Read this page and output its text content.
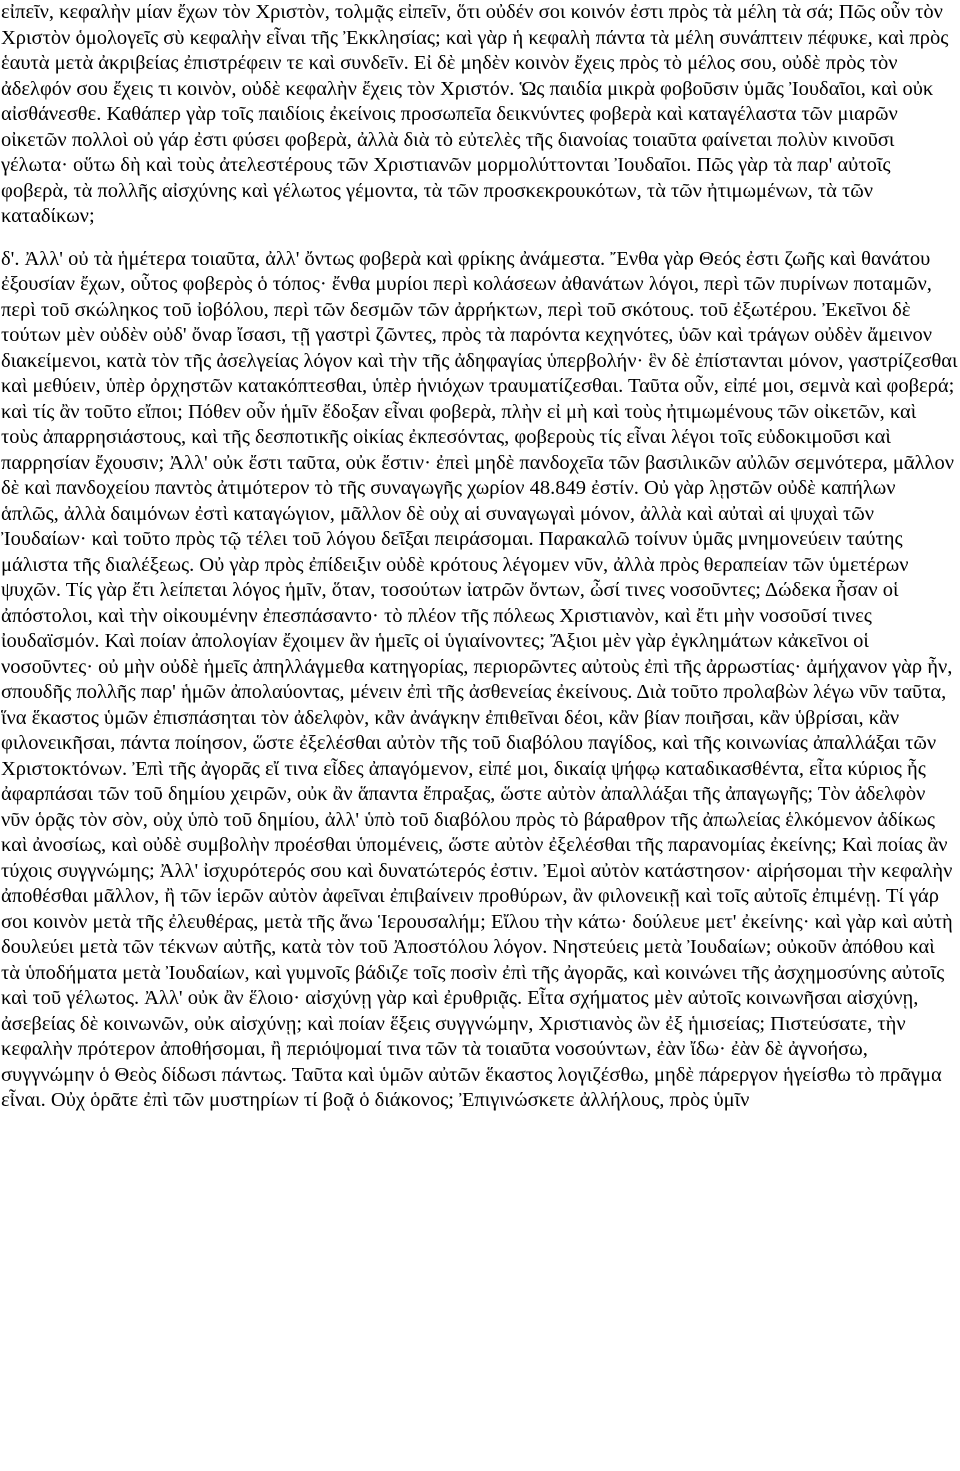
εἰπεῖν, κεφαλὴν μίαν ἔχων τὸν Χριστὸν, τολμᾷς εἰπεῖν, ὅτι οὐδέν σοι κοινόν ἐστι πρὸς τὰ μέλη τὰ σά; Πῶς οὖν τὸν Χριστὸν ὁμολογεῖς σὺ κεφαλὴν εἶναι τῆς Ἐκκλησίας; καὶ γὰρ ἡ κεφαλὴ πάντα τὰ μέλη συνάπτειν πέφυκε, καὶ πρὸς ἑαυτὰ μετὰ ἀκριβείας ἐπιστρέφειν τε καὶ συνδεῖν. Εἰ δὲ μηδὲν κοινὸν ἔχεις πρὸς τὸ μέλος σου, οὐδὲ πρὸς τὸν ἀδελφόν σου ἔχεις τι κοινὸν, οὐδὲ κεφαλὴν ἔχεις τὸν Χριστόν. Ὡς παιδία μικρὰ φοβοῦσιν ὑμᾶς Ἰουδαῖοι, καὶ οὐκ αἰσθάνεσθε. Καθάπερ γὰρ τοῖς παιδίοις ἐκείνοις προσωπεῖα δεικνύντες φοβερὰ καὶ καταγέλαστα τῶν μιαρῶν οἰκετῶν πολλοὶ οὐ γάρ ἐστι φύσει φοβερὰ, ἀλλὰ διὰ τὸ εὐτελὲς τῆς διανοίας τοιαῦτα φαίνεται πολὺν κινοῦσι γέλωτα· οὕτω δὴ καὶ τοὺς ἀτελεστέρους τῶν Χριστιανῶν μορμολύττονται Ἰουδαῖοι. Πῶς γὰρ τὰ παρ' αὐτοῖς φοβερὰ, τὰ πολλῆς αἰσχύνης καὶ γέλωτος γέμοντα, τὰ τῶν προσκεκρουκότων, τὰ τῶν ἠτιμωμένων, τὰ τῶν καταδίκων;

δ'. Ἀλλ' οὐ τὰ ἡμέτερα τοιαῦτα, ἀλλ' ὄντως φοβερὰ καὶ φρίκης ἀνάμεστα. Ἔνθα γὰρ Θεός ἐστι ζωῆς καὶ θανάτου ἐξουσίαν ἔχων, οὗτος φοβερὸς ὁ τόπος· ἔνθα μυρίοι περὶ κολάσεων ἀθανάτων λόγοι, περὶ τῶν πυρίνων ποταμῶν, περὶ τοῦ σκώληκος τοῦ ἰοβόλου, περὶ τῶν δεσμῶν τῶν ἀρρήκτων, περὶ τοῦ σκότους. τοῦ ἐξωτέρου. Ἐκεῖνοι δὲ τούτων μὲν οὐδὲν οὐδ' ὄναρ ἴσασι, τῇ γαστρὶ ζῶντες, πρὸς τὰ παρόντα κεχηνότες, ὑῶν καὶ τράγων οὐδὲν ἄμεινον διακείμενοι, κατὰ τὸν τῆς ἀσελγείας λόγον καὶ τὴν τῆς ἀδηφαγίας ὑπερβολήν· ἓν δὲ ἐπίστανται μόνον, γαστρίζεσθαι καὶ μεθύειν, ὑπὲρ ὀρχηστῶν κατακόπτεσθαι, ὑπὲρ ἡνιόχων τραυματίζεσθαι. Ταῦτα οὖν, εἰπέ μοι, σεμνὰ καὶ φοβερά; καὶ τίς ἂν τοῦτο εἴποι; Πόθεν οὖν ἡμῖν ἔδοξαν εἶναι φοβερὰ, πλὴν εἰ μὴ καὶ τοὺς ἠτιμωμένους τῶν οἰκετῶν, καὶ τοὺς ἀπαρρησιάστους, καὶ τῆς δεσποτικῆς οἰκίας ἐκπεσόντας, φοβεροὺς τίς εἶναι λέγοι τοῖς εὐδοκιμοῦσι καὶ παρρησίαν ἔχουσιν; Ἀλλ' οὐκ ἔστι ταῦτα, οὐκ ἔστιν· ἐπεὶ μηδὲ πανδοχεῖα τῶν βασιλικῶν αὐλῶν σεμνότερα, μᾶλλον δὲ καὶ πανδοχείου παντὸς ἀτιμότερον τὸ τῆς συναγωγῆς χωρίον 48.849 ἐστίν. Οὐ γὰρ λῃστῶν οὐδὲ καπήλων ἁπλῶς, ἀλλὰ δαιμόνων ἐστὶ καταγώγιον, μᾶλλον δὲ οὐχ αἱ συναγωγαὶ μόνον, ἀλλὰ καὶ αὐταὶ αἱ ψυχαὶ τῶν Ἰουδαίων· καὶ τοῦτο πρὸς τῷ τέλει τοῦ λόγου δεῖξαι πειράσομαι. Παρακαλῶ τοίνυν ὑμᾶς μνημονεύειν ταύτης μάλιστα τῆς διαλέξεως. Οὐ γὰρ πρὸς ἐπίδειξιν οὐδὲ κρότους λέγομεν νῦν, ἀλλὰ πρὸς θεραπείαν τῶν ὑμετέρων ψυχῶν. Τίς γὰρ ἔτι λείπεται λόγος ἡμῖν, ὅταν, τοσούτων ἰατρῶν ὄντων, ὦσί τινες νοσοῦντες; Δώδεκα ἦσαν οἱ ἀπόστολοι, καὶ τὴν οἰκουμένην ἐπεσπάσαντο· τὸ πλέον τῆς πόλεως Χριστιανὸν, καὶ ἔτι μὴν νοσοῦσί τινες ἰουδαϊσμόν. Καὶ ποίαν ἀπολογίαν ἔχοιμεν ἂν ἡμεῖς οἱ ὑγιαίνοντες; Ἄξιοι μὲν γὰρ ἐγκλημάτων κἀκεῖνοι οἱ νοσοῦντες· οὐ μὴν οὐδὲ ἡμεῖς ἀπηλλάγμεθα κατηγορίας, περιορῶντες αὐτοὺς ἐπὶ τῆς ἀρρωστίας· ἀμήχανον γὰρ ἦν, σπουδῆς πολλῆς παρ' ἡμῶν ἀπολαύοντας, μένειν ἐπὶ τῆς ἀσθενείας ἐκείνους. Διὰ τοῦτο προλαβὼν λέγω νῦν ταῦτα, ἵνα ἕκαστος ὑμῶν ἐπισπάσηται τὸν ἀδελφὸν, κἂν ἀνάγκην ἐπιθεῖναι δέοι, κἂν βίαν ποιῆσαι, κἂν ὑβρίσαι, κἂν φιλονεικῆσαι, πάντα ποίησον, ὥστε ἐξελέσθαι αὐτὸν τῆς τοῦ διαβόλου παγίδος, καὶ τῆς κοινωνίας ἀπαλλάξαι τῶν Χριστοκτόνων. Ἐπὶ τῆς ἀγορᾶς εἴ τινα εἶδες ἀπαγόμενον, εἰπέ μοι, δικαίᾳ ψήφῳ καταδικασθέντα, εἶτα κύριος ἦς ἀφαρπάσαι τῶν τοῦ δημίου χειρῶν, οὐκ ἂν ἅπαντα ἔπραξας, ὥστε αὐτὸν ἀπαλλάξαι τῆς ἀπαγωγῆς; Τὸν ἀδελφὸν νῦν ὁρᾷς τὸν σὸν, οὐχ ὑπὸ τοῦ δημίου, ἀλλ' ὑπὸ τοῦ διαβόλου πρὸς τὸ βάραθρον τῆς ἀπωλείας ἑλκόμενον ἀδίκως καὶ ἀνοσίως, καὶ οὐδὲ συμβολὴν προέσθαι ὑπομένεις, ὥστε αὐτὸν ἐξελέσθαι τῆς παρανομίας ἐκείνης; Καὶ ποίας ἂν τύχοις συγγνώμης; Ἀλλ' ἰσχυρότερός σου καὶ δυνατώτερός ἐστιν. Ἐμοὶ αὐτὸν κατάστησον· αἱρήσομαι τὴν κεφαλὴν ἀποθέσθαι μᾶλλον, ἢ τῶν ἱερῶν αὐτὸν ἀφεῖναι ἐπιβαίνειν προθύρων, ἂν φιλονεικῇ καὶ τοῖς αὐτοῖς ἐπιμένῃ. Τί γάρ σοι κοινὸν μετὰ τῆς ἐλευθέρας, μετὰ τῆς ἄνω Ἱερουσαλήμ; Εἴλου τὴν κάτω· δούλευε μετ' ἐκείνης· καὶ γὰρ καὶ αὐτὴ δουλεύει μετὰ τῶν τέκνων αὐτῆς, κατὰ τὸν τοῦ Ἀποστόλου λόγον. Νηστεύεις μετὰ Ἰουδαίων; οὐκοῦν ἀπόθου καὶ τὰ ὑποδήματα μετὰ Ἰουδαίων, καὶ γυμνοῖς βάδιζε τοῖς ποσὶν ἐπὶ τῆς ἀγορᾶς, καὶ κοινώνει τῆς ἀσχημοσύνης αὐτοῖς καὶ τοῦ γέλωτος. Ἀλλ' οὐκ ἂν ἕλοιο· αἰσχύνῃ γὰρ καὶ ἐρυθριᾷς. Εἶτα σχήματος μὲν αὐτοῖς κοινωνῆσαι αἰσχύνῃ, ἀσεβείας δὲ κοινωνῶν, οὐκ αἰσχύνῃ; καὶ ποίαν ἕξεις συγγνώμην, Χριστιανὸς ὢν ἐξ ἡμισείας; Πιστεύσατε, τὴν κεφαλὴν πρότερον ἀποθήσομαι, ἢ περιόψομαί τινα τῶν τὰ τοιαῦτα νοσούντων, ἐὰν ἴδω· ἐὰν δὲ ἀγνοήσω, συγγνώμην ὁ Θεὸς δίδωσι πάντως. Ταῦτα καὶ ὑμῶν αὐτῶν ἕκαστος λογιζέσθω, μηδὲ πάρεργον ἡγείσθω τὸ πρᾶγμα εἶναι. Οὐχ ὁρᾶτε ἐπὶ τῶν μυστηρίων τί βοᾷ ὁ διάκονος; Ἐπιγινώσκετε ἀλλήλους, πρὸς ὑμῖν
